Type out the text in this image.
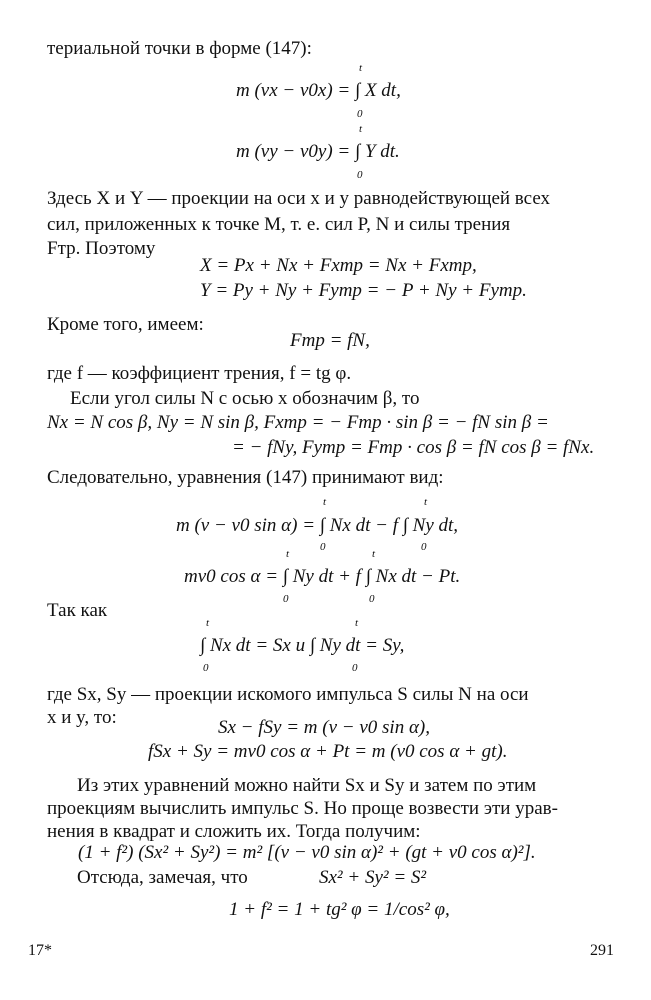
териальной точки в форме (147):
m (vx − v0x) = ∫ X dt,
t
0
m (vy − v0y) = ∫ Y dt.
t
0
Здесь X и Y — проекции на оси x и y равнодействующей всех
сил, приложенных к точке M, т. е. сил P, N и силы трения
Fтр. Поэтому
X = Px + Nx + Fxтр = Nx + Fxтр,
Y = Py + Ny + Fyтр = − P + Ny + Fyтр.
Кроме того, имеем:
Fтр = fN,
где f — коэффициент трения, f = tg φ.
Если угол силы N с осью x обозначим β, то
Nx = N cos β, Ny = N sin β, Fxтр = − Fтр · sin β = − fN sin β =
= − fNy, Fyтр = Fтр · cos β = fN cos β = fNx.
Следовательно, уравнения (147) принимают вид:
m (v − v0 sin α) = ∫ Nx dt − f ∫ Ny dt,
t
0
t
0
mv0 cos α = ∫ Ny dt + f ∫ Nx dt − Pt.
t
0
t
0
Так как
∫ Nx dt = Sx и ∫ Ny dt = Sy,
t
0
t
0
где Sx, Sy — проекции искомого импульса S силы N на оси
x и y, то:	Sx − fSy = m (v − v0 sin α),
fSx + Sy = mv0 cos α + Pt = m (v0 cos α + gt).
Из этих уравнений можно найти Sx и Sy и затем по этим
проекциям вычислить импульс S. Но проще возвести эти урав-
нения в квадрат и сложить их. Тогда получим:
(1 + f²) (Sx² + Sy²) = m² [(v − v0 sin α)² + (gt + v0 cos α)²].
Отсюда, замечая, что	Sx² + Sy² = S²
1 + f² = 1 + tg² φ = 1/cos² φ,
17*	291
